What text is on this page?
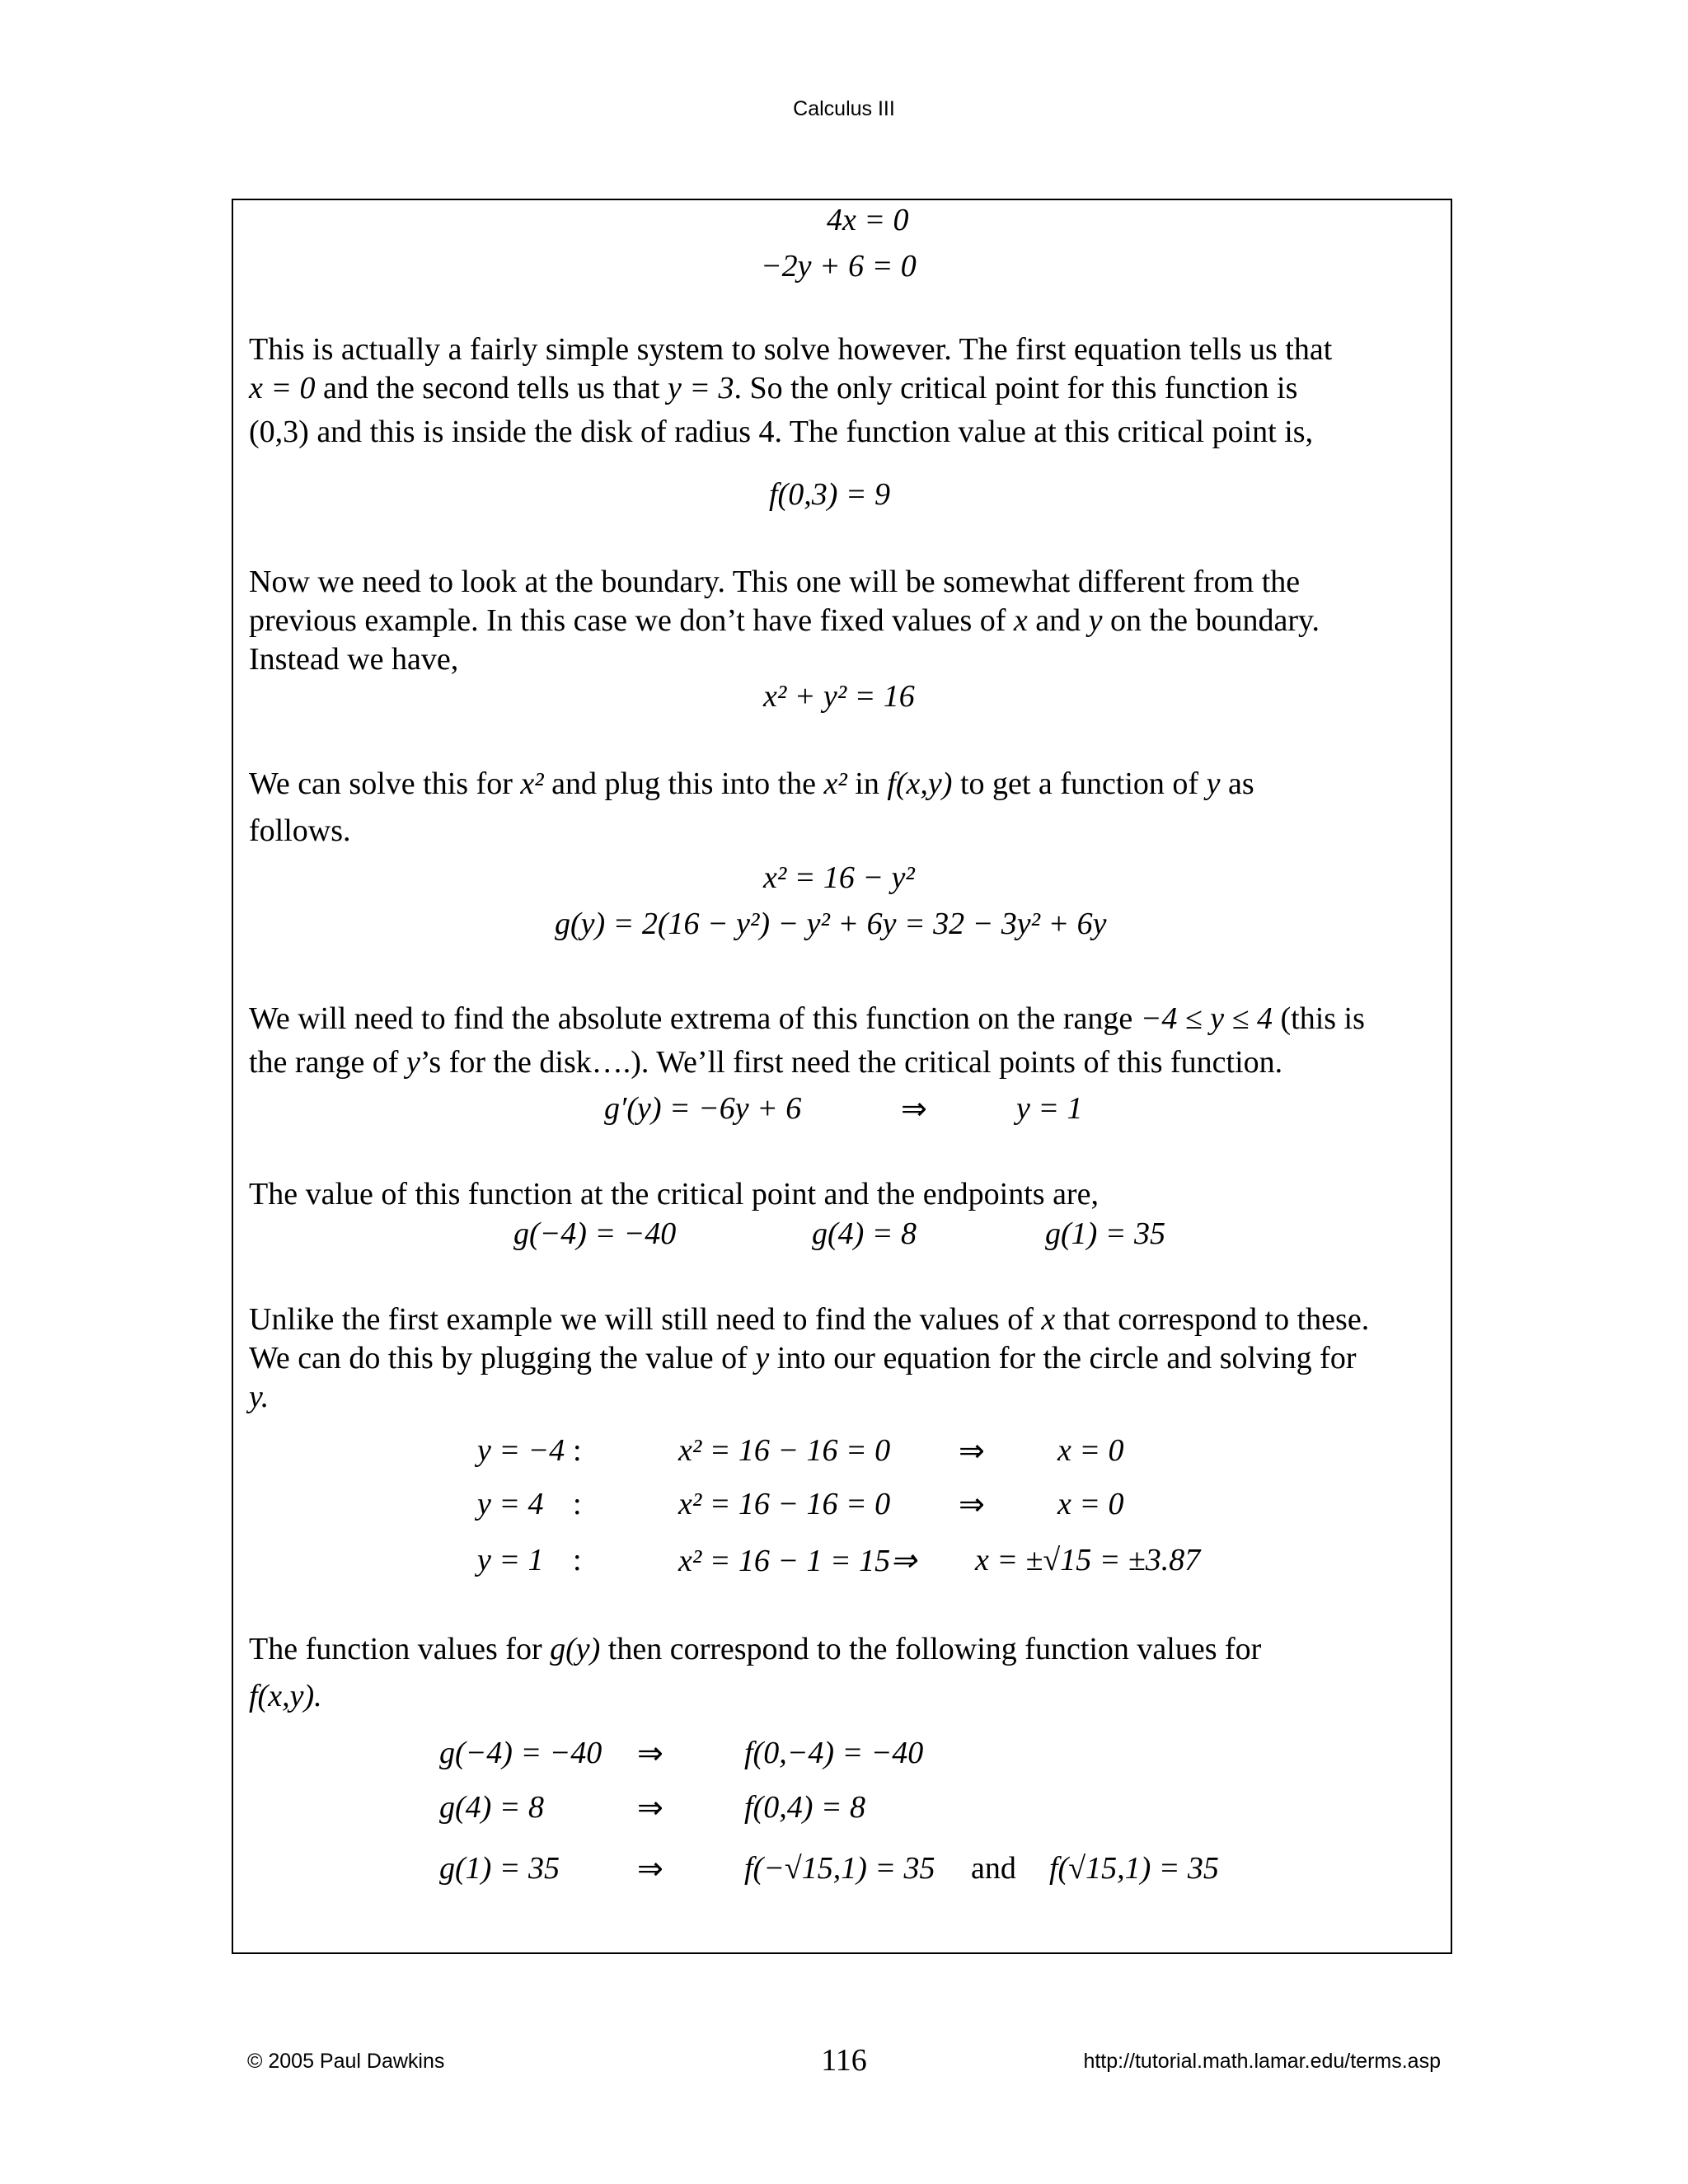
Calculus III
4x = 0
−2y + 6 = 0
This is actually a fairly simple system to solve however. The first equation tells us that
x = 0 and the second tells us that y = 3. So the only critical point for this function is
(0,3) and this is inside the disk of radius 4. The function value at this critical point is,
f(0,3) = 9
Now we need to look at the boundary. This one will be somewhat different from the
previous example. In this case we don’t have fixed values of x and y on the boundary.
Instead we have,
x² + y² = 16
We can solve this for x² and plug this into the x² in f(x,y) to get a function of y as
follows.
x² = 16 − y²
g(y) = 2(16 − y²) − y² + 6y = 32 − 3y² + 6y
We will need to find the absolute extrema of this function on the range −4 ≤ y ≤ 4 (this is
the range of y’s for the disk….). We’ll first need the critical points of this function.
g′(y) = −6y + 6	⇒	y = 1
The value of this function at the critical point and the endpoints are,
g(−4) = −40	g(4) = 8	g(1) = 35
Unlike the first example we will still need to find the values of x that correspond to these.
We can do this by plugging the value of y into our equation for the circle and solving for
y.
y = −4 :	x² = 16 − 16 = 0 ⇒ x = 0
y = 4 :	x² = 16 − 16 = 0 ⇒ x = 0
y = 1 :	x² = 16 − 1 = 15⇒ x = ±√15 = ±3.87
The function values for g(y) then correspond to the following function values for
f(x,y).
g(−4) = −40 ⇒	f(0,−4) = −40
g(4) = 8	⇒	f(0,4) = 8
g(1) = 35 ⇒	f(−√15,1) = 35 and f(√15,1) = 35
© 2005 Paul Dawkins	116	http://tutorial.math.lamar.edu/terms.asp
